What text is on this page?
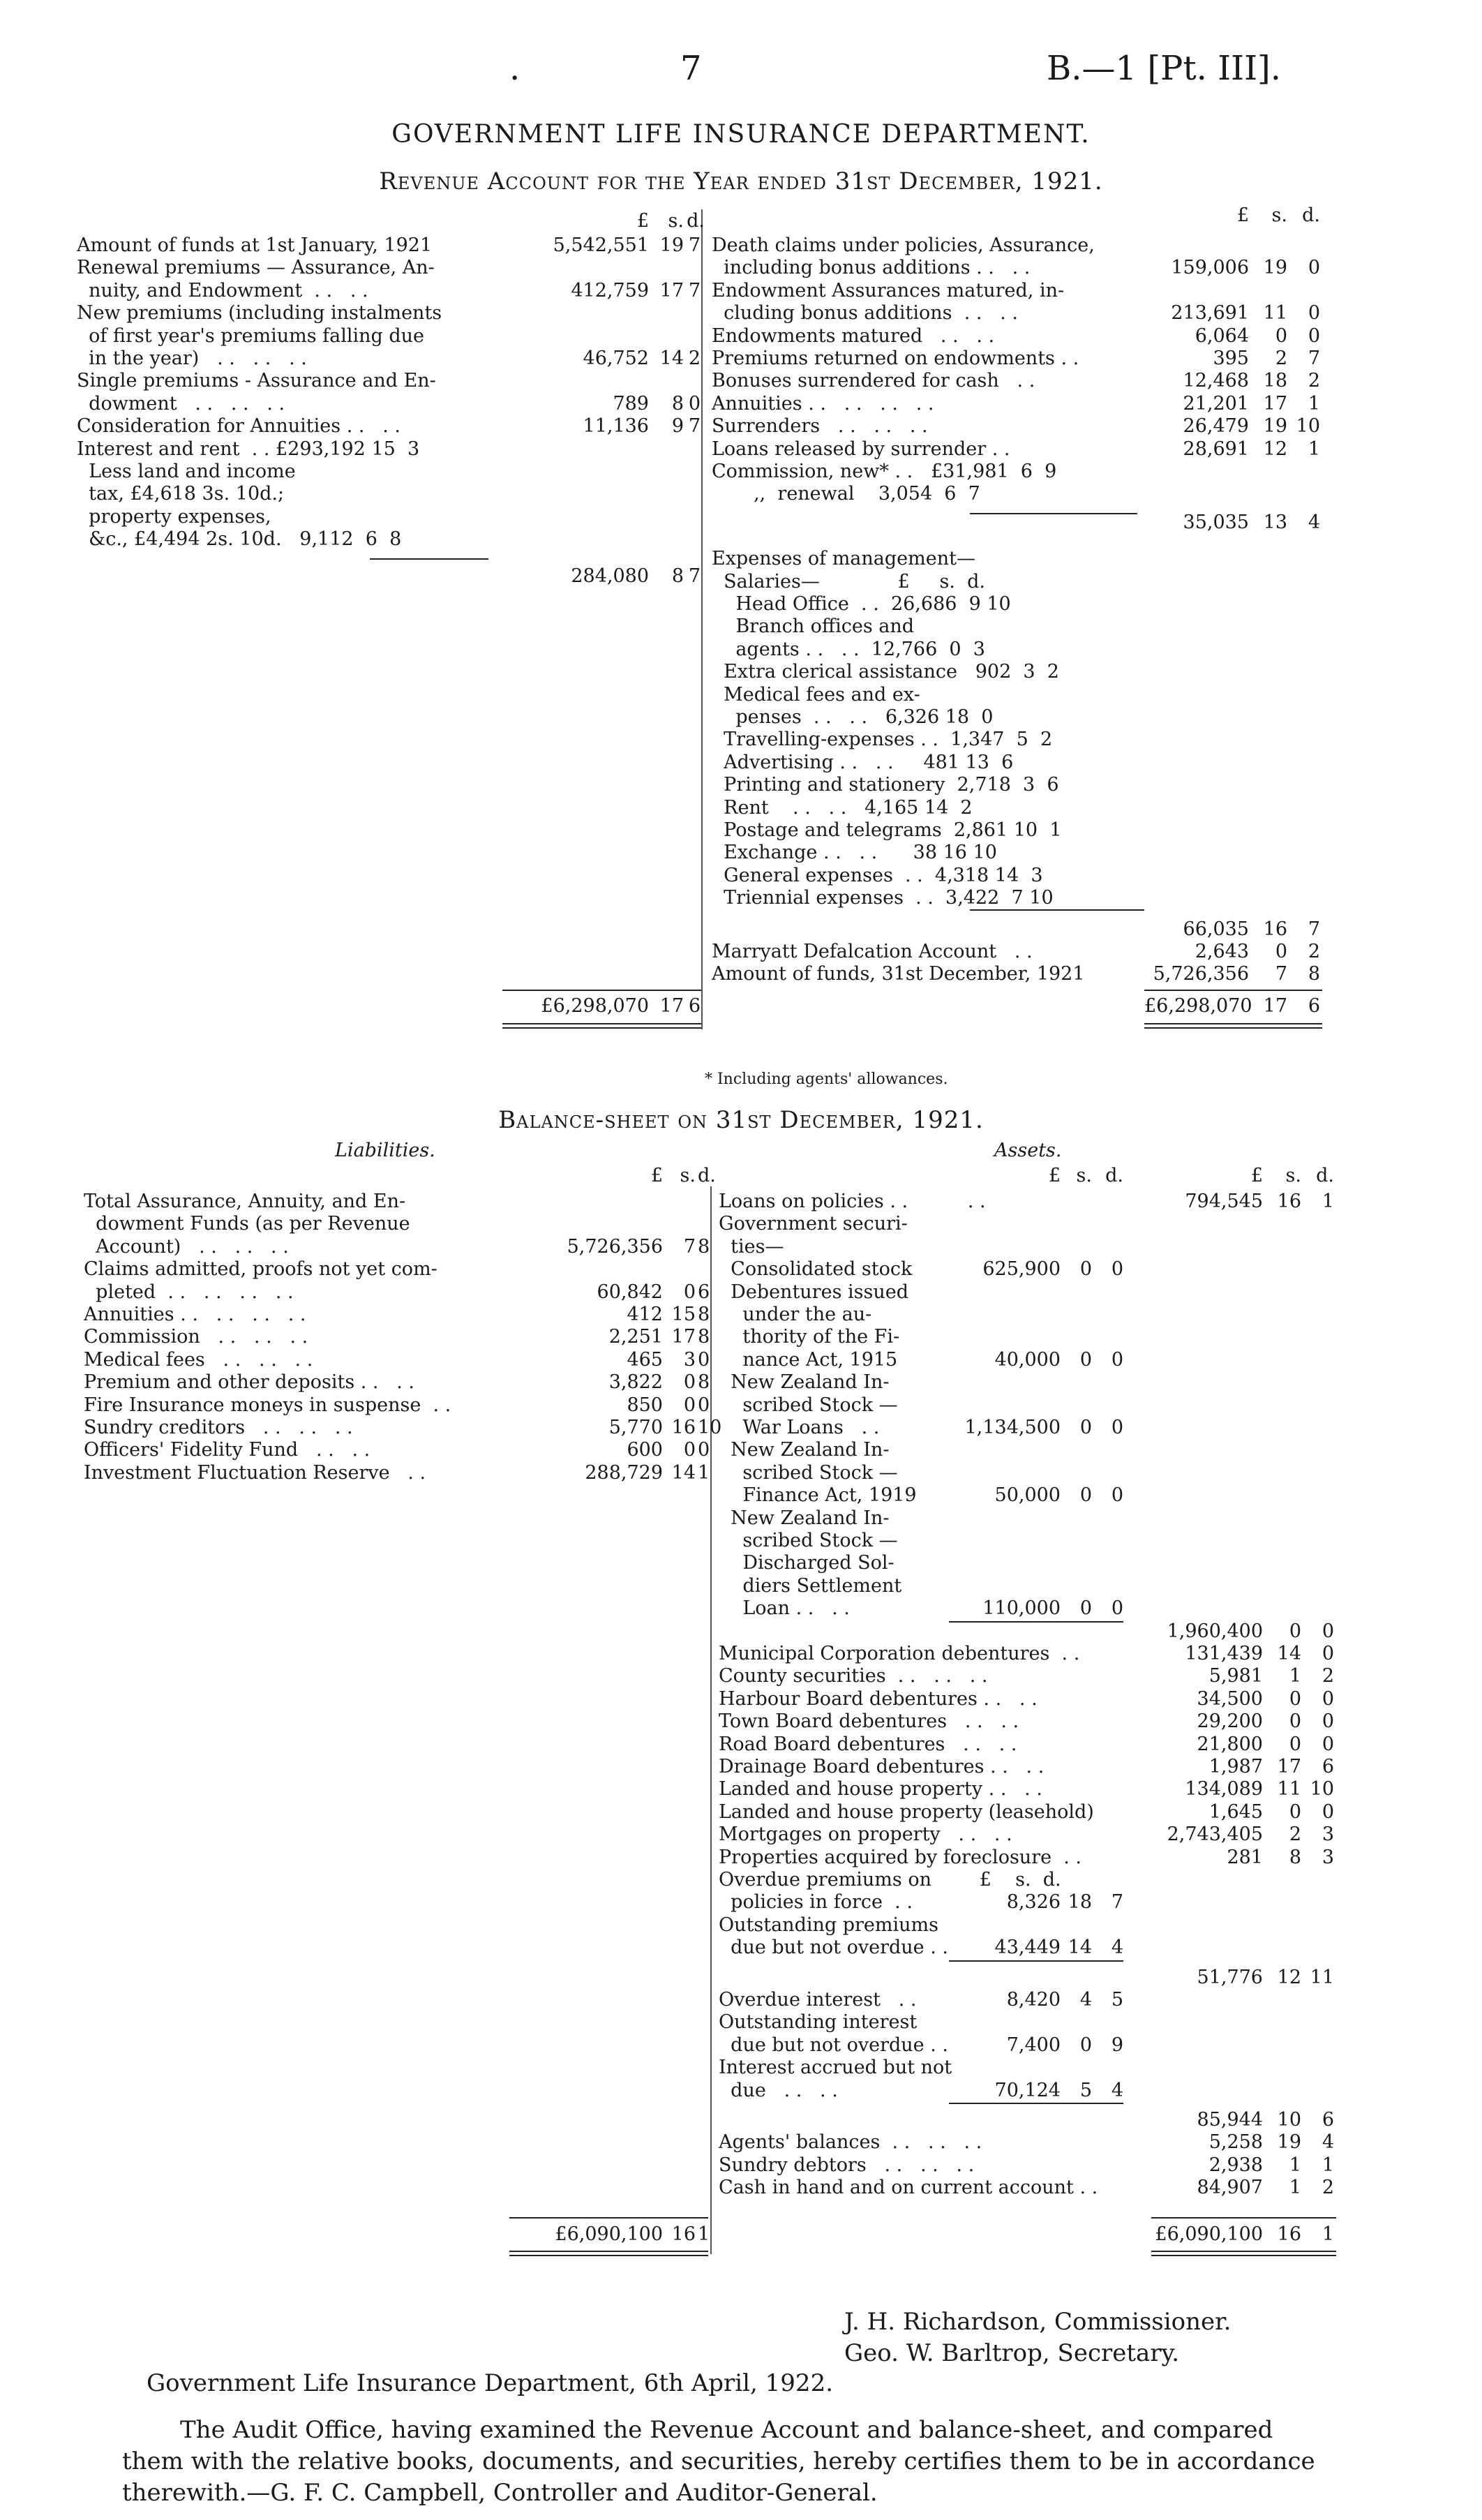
.	7	B.—1 [Pt. III].
GOVERNMENT LIFE INSURANCE DEPARTMENT.
Revenue Account for the Year ended 31st December, 1921.
* Including agents' allowances.
Balance-sheet on 31st December, 1921.
Liabilities.	Assets.
J. H. Richardson, Commissioner.
Geo. W. Barltrop, Secretary.
Government Life Insurance Department, 6th April, 1922.
The Audit Office, having examined the Revenue Account and balance-sheet, and compared
them with the relative books, documents, and securities, hereby certifies them to be in accordance
therewith.—G. F. C. Campbell, Controller and Auditor-General.
£	s. d.
Amount of funds at 1st January, 1921	5,542,551 19 7
Renewal premiums — Assurance, An-
nuity, and Endowment  . .   . .	412,759 17 7
New premiums (including instalments
of first year's premiums falling due
in the year)   . .   . .   . .	46,752 14 2
Single premiums - Assurance and En-
dowment   . .   . .   . .	789	8 0
Consideration for Annuities . .   . .	11,136	9 7
Interest and rent  . . £293,192 15  3
Less land and income
tax, £4,618 3s. 10d.;
property expenses,
&c., £4,494 2s. 10d.   9,112  6  8
284,080	8 7
£6,298,070 17 6
£	s. d.
Death claims under policies, Assurance,
including bonus additions . .   . .	159,006 19	0
Endowment Assurances matured, in-
cluding bonus additions  . .   . .	213,691 11	0
Endowments matured   . .   . .	6,064	0	0
Premiums returned on endowments . .	395	2	7
Bonuses surrendered for cash   . .	12,468 18	2
Annuities . .   . .   . .   . .	21,201 17	1
Surrenders   . .   . .   . .	26,479 19 10
Loans released by surrender . .	28,691 12	1
Commission, new* . .   £31,981  6  9
,,  renewal    3,054  6  7
35,035 13	4
Expenses of management—
Salaries—             £     s.  d.
Head Office  . .  26,686  9 10
Branch offices and
agents . .   . .  12,766  0  3
Extra clerical assistance   902  3  2
Medical fees and ex-
penses  . .   . .   6,326 18  0
Travelling-expenses . .  1,347  5  2
Advertising . .   . .     481 13  6
Printing and stationery  2,718  3  6
Rent    . .   . .   4,165 14  2
Postage and telegrams  2,861 10  1
Exchange . .   . .      38 16 10
General expenses  . .  4,318 14  3
Triennial expenses  . .  3,422  7 10
66,035 16	7
Marryatt Defalcation Account   . .	2,643	0	2
Amount of funds, 31st December, 1921	5,726,356	7	8
£6,298,070 17	6
£ s. d.
Total Assurance, Annuity, and En-
dowment Funds (as per Revenue
Account)   . .   . .   . .	5,726,356	7 8
Claims admitted, proofs not yet com-
pleted  . .   . .   . .   . .	60,842	0 6
Annuities . .   . .   . .   . .	412 15 8
Commission   . .   . .   . .	2,251 17 8
Medical fees   . .   . .   . .	465	3 0
Premium and other deposits . .   . .	3,822	0 8
Fire Insurance moneys in suspense  . .	850	0 0
Sundry creditors   . .   . .   . .	5,770 16 10
Officers' Fidelity Fund   . .   . .	600	0 0
Investment Fluctuation Reserve   . .	288,729 14 1
£6,090,100 16 1
£ s. d.	£	s. d.
Loans on policies . .          . .	794,545 16	1
Government securi-
ties—
Consolidated stock	625,900	0	0
Debentures issued
under the au-
thority of the Fi-
nance Act, 1915	40,000	0	0
New Zealand In-
scribed Stock —
War Loans   . .	1,134,500	0	0
New Zealand In-
scribed Stock —
Finance Act, 1919	50,000	0	0
New Zealand In-
scribed Stock —
Discharged Sol-
diers Settlement
Loan . .   . .	110,000	0	0
1,960,400	0	0
Municipal Corporation debentures  . .	131,439 14	0
County securities  . .   . .   . .	5,981	1	2
Harbour Board debentures . .   . .	34,500	0	0
Town Board debentures   . .   . .	29,200	0	0
Road Board debentures   . .   . .	21,800	0	0
Drainage Board debentures . .   . .	1,987 17	6
Landed and house property . .   . .	134,089 11 10
Landed and house property (leasehold)	1,645	0	0
Mortgages on property   . .   . .	2,743,405	2	3
Properties acquired by foreclosure  . .	281	8	3
Overdue premiums on        £    s.  d.
policies in force  . .	8,326 18	7
Outstanding premiums
due but not overdue . .	43,449 14	4
51,776 12 11
Overdue interest   . .	8,420	4	5
Outstanding interest
due but not overdue . .	7,400	0	9
Interest accrued but not
due   . .   . .	70,124	5	4
85,944 10	6
Agents' balances  . .   . .   . .	5,258 19	4
Sundry debtors   . .   . .   . .	2,938	1	1
Cash in hand and on current account . .	84,907	1	2
£6,090,100 16	1
